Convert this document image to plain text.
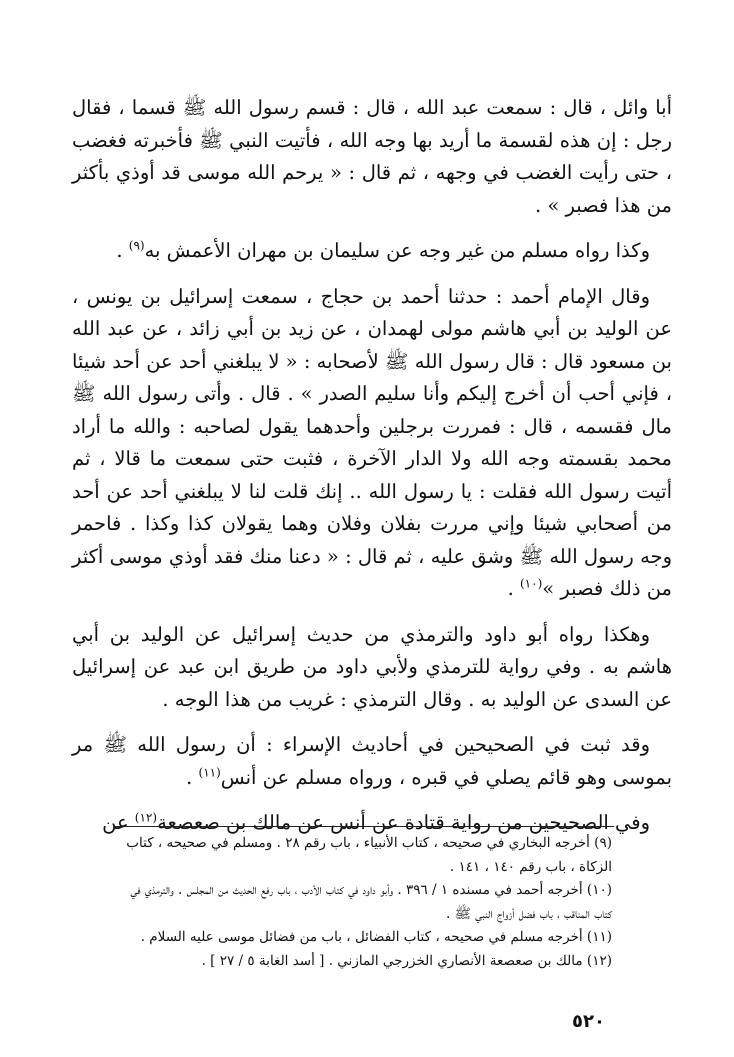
أبا وائل ، قال : سمعت عبد الله ، قال : قسم رسول الله ﷺ قسما ، فقال رجل : إن هذه لقسمة ما أريد بها وجه الله ، فأتيت النبي ﷺ فأخبرته فغضب ، حتى رأيت الغضب في وجهه ، ثم قال : « يرحم الله موسى قد أوذي بأكثر من هذا فصبر » .

وكذا رواه مسلم من غير وجه عن سليمان بن مهران الأعمش به$^{(٩)}$ .

وقال الإمام أحمد : حدثنا أحمد بن حجاج ، سمعت إسرائيل بن يونس ، عن الوليد بن أبي هاشم مولى لهمدان ، عن زيد بن أبي زائد ، عن عبد الله بن مسعود قال : قال رسول الله ﷺ لأصحابه : « لا يبلغني أحد عن أحد شيئا ، فإني أحب أن أخرج إليكم وأنا سليم الصدر » . قال . وأتى رسول الله ﷺ مال فقسمه ، قال : فمررت برجلين وأحدهما يقول لصاحبه : والله ما أراد محمد بقسمته وجه الله ولا الدار الآخرة ، فثبت حتى سمعت ما قالا ، ثم أتيت رسول الله فقلت : يا رسول الله .. إنك قلت لنا لا يبلغني أحد عن أحد من أصحابي شيئا وإني مررت بفلان وفلان وهما يقولان كذا وكذا . فاحمر وجه رسول الله ﷺ وشق عليه ، ثم قال : « دعنا منك فقد أوذي موسى أكثر من ذلك فصبر »$^{(١٠)}$ .

وهكذا رواه أبو داود والترمذي من حديث إسرائيل عن الوليد بن أبي هاشم به . وفي رواية للترمذي ولأبي داود من طريق ابن عبد عن إسرائيل عن السدى عن الوليد به . وقال الترمذي : غريب من هذا الوجه .

وقد ثبت في الصحيحين في أحاديث الإسراء : أن رسول الله ﷺ مر بموسى وهو قائم يصلي في قبره ، ورواه مسلم عن أنس$^{(١١)}$ .

وفي الصحيحين من رواية قتادة عن أنس عن مالك بن صعصعة$^{(١٢)}$ عن

(٩) أخرجه البخاري في صحيحه ، كتاب الأنبياء ، باب رقم ٢٨ . ومسلم في صحيحه ، كتاب الزكاة ، باب رقم ١٤٠ ، ١٤١ .

(١٠) أخرجه أحمد في مسنده ١ / ٣٩٦ . وأبو داود في كتاب الأدب ، باب رفع الحديث من المجلس . والترمذي في كتاب المناقب ، باب فضل أزواج النبي ﷺ .

(١١) أخرجه مسلم في صحيحه ، كتاب الفضائل ، باب من فضائل موسى عليه السلام .

(١٢) مالك بن صعصعة الأنصاري الخزرجي المازني . [ أسد الغابة ٥ / ٢٧ ] .

٥٢٠
